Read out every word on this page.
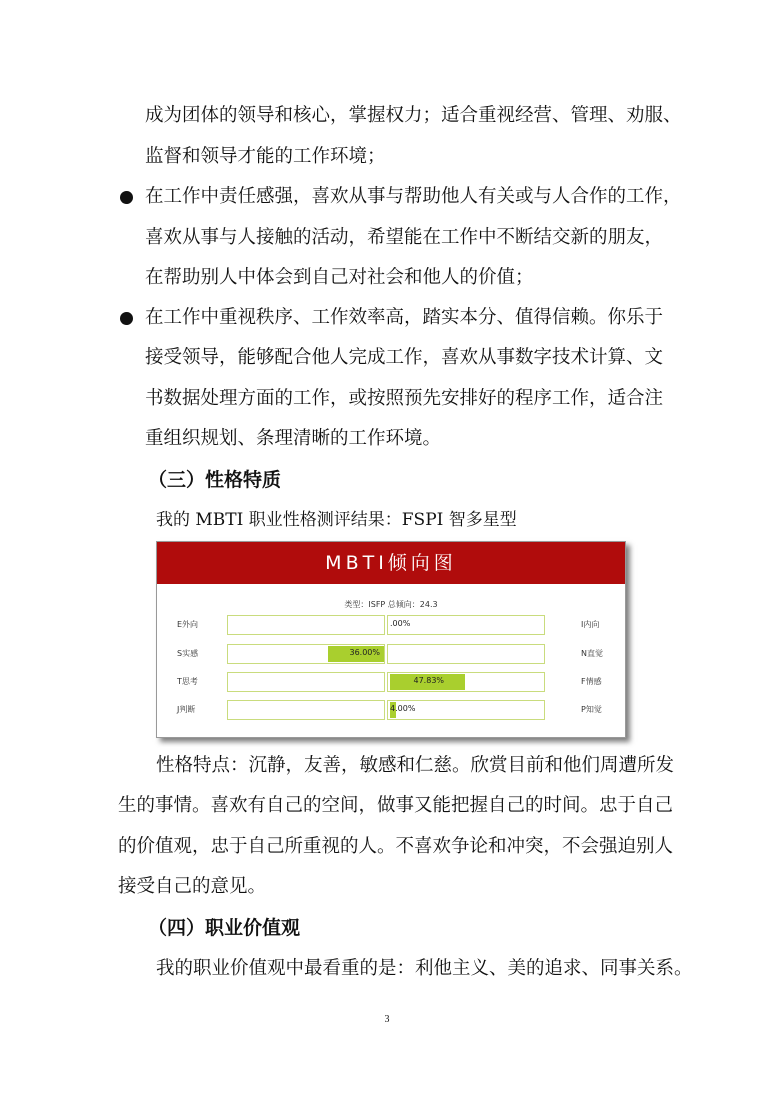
成为团体的领导和核心，掌握权力；适合重视经营、管理、劝服、
监督和领导才能的工作环境；
在工作中责任感强，喜欢从事与帮助他人有关或与人合作的工作，
喜欢从事与人接触的活动，希望能在工作中不断结交新的朋友，
在帮助别人中体会到自己对社会和他人的价值；
在工作中重视秩序、工作效率高，踏实本分、值得信赖。你乐于
接受领导，能够配合他人完成工作，喜欢从事数字技术计算、文
书数据处理方面的工作，或按照预先安排好的程序工作，适合注
重组织规划、条理清晰的工作环境。
（三）性格特质
我的 MBTI 职业性格测评结果：FSPI 智多星型
MBTI倾向图
类型：ISFP 总倾向：24.3
E外向	.00%	I内向
S实感	36.00%	N直觉
T思考	47.83%	F情感
J判断	4.00%	P知觉
性格特点：沉静，友善，敏感和仁慈。欣赏目前和他们周遭所发
生的事情。喜欢有自己的空间，做事又能把握自己的时间。忠于自己
的价值观，忠于自己所重视的人。不喜欢争论和冲突，不会强迫别人
接受自己的意见。
（四）职业价值观
我的职业价值观中最看重的是：利他主义、美的追求、同事关系。
3
